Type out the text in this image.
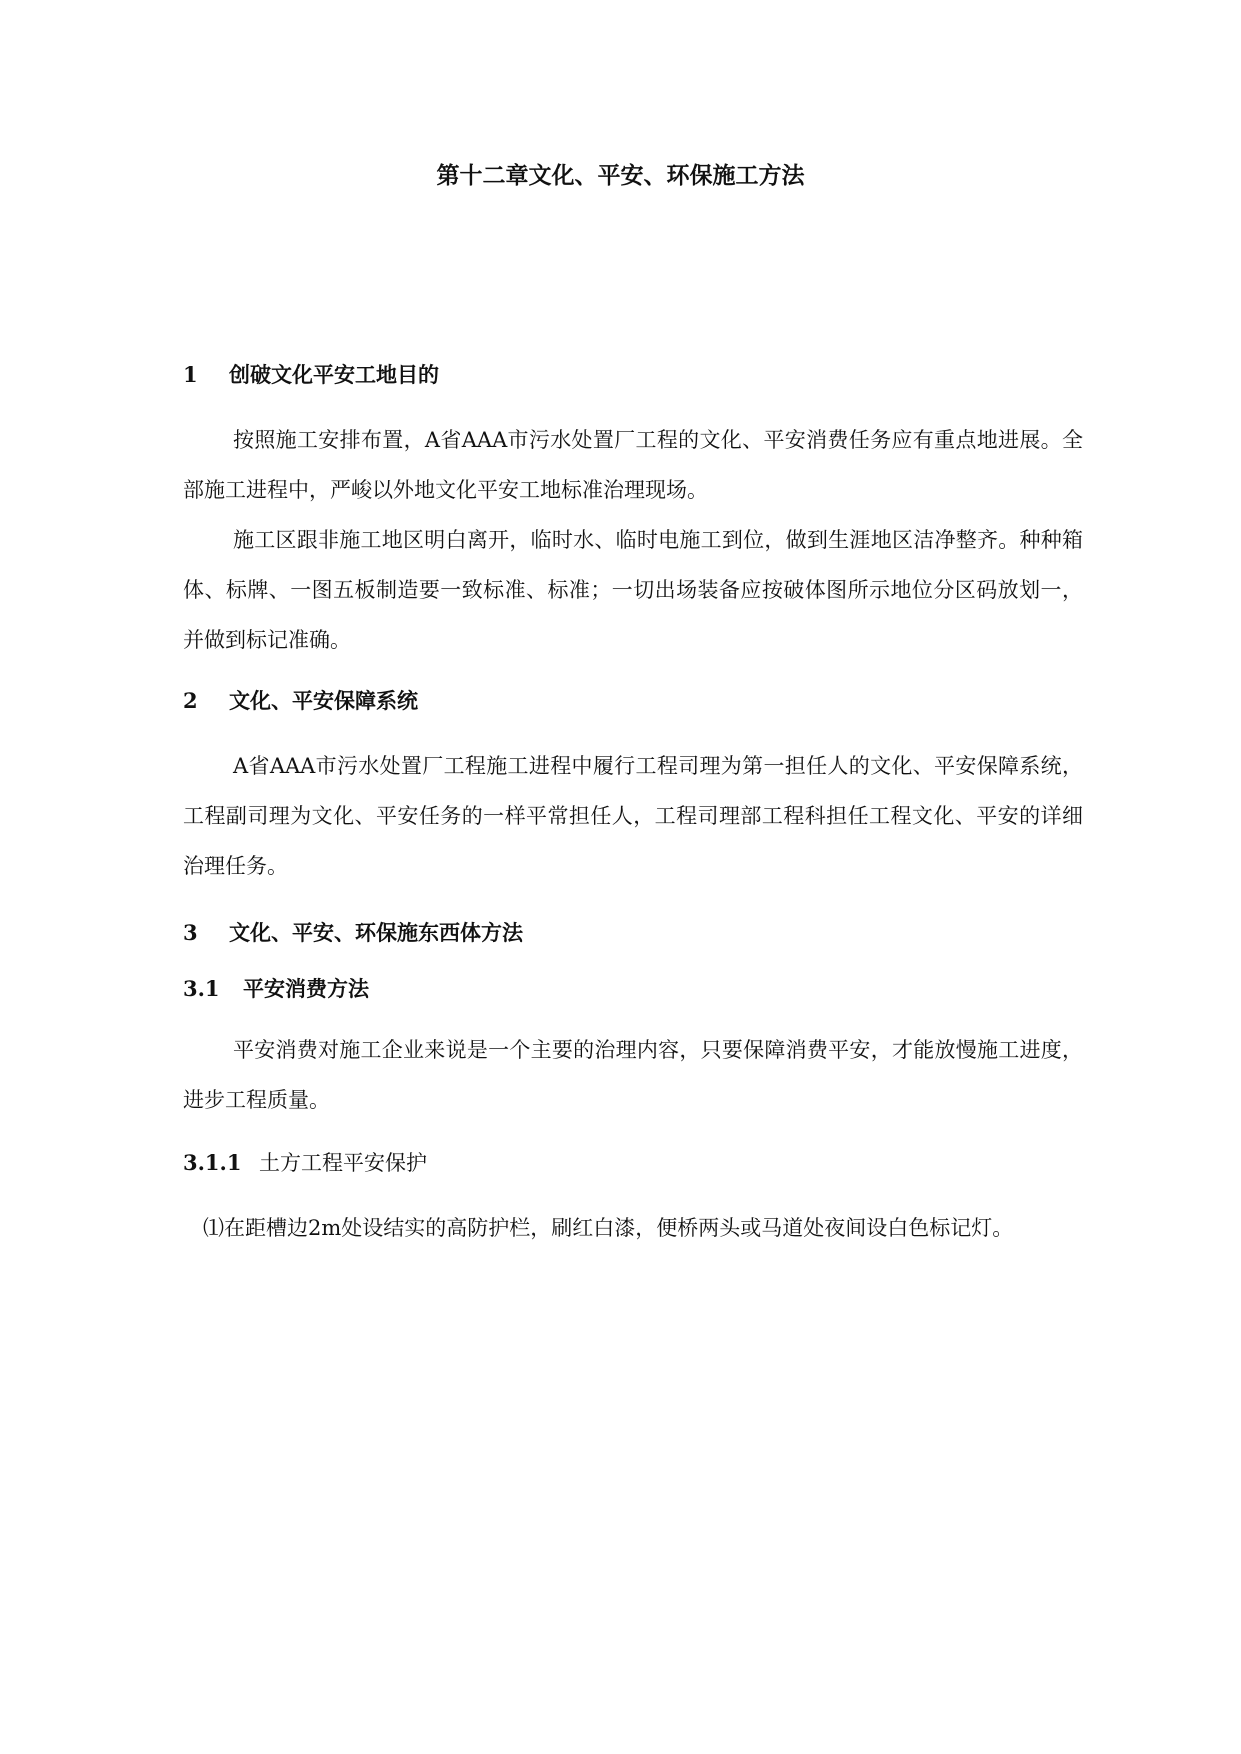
第十二章文化、平安、环保施工方法
1 创破文化平安工地目的
按照施工安排布置，A省AAA市污水处置厂工程的文化、平安消费任务应有重点地进展。全部施工进程中，严峻以外地文化平安工地标准治理现场。
施工区跟非施工地区明白离开，临时水、临时电施工到位，做到生涯地区洁净整齐。种种箱体、标牌、一图五板制造要一致标准、标准；一切出场装备应按破体图所示地位分区码放划一，并做到标记准确。
2 文化、平安保障系统
A省AAA市污水处置厂工程施工进程中履行工程司理为第一担任人的文化、平安保障系统，工程副司理为文化、平安任务的一样平常担任人，工程司理部工程科担任工程文化、平安的详细治理任务。
3 文化、平安、环保施东西体方法
3.1 平安消费方法
平安消费对施工企业来说是一个主要的治理内容，只要保障消费平安，才能放慢施工进度，进步工程质量。
3.1.1 土方工程平安保护
⑴在距槽边2m处设结实的高防护栏，刷红白漆，便桥两头或马道处夜间设白色标记灯。
